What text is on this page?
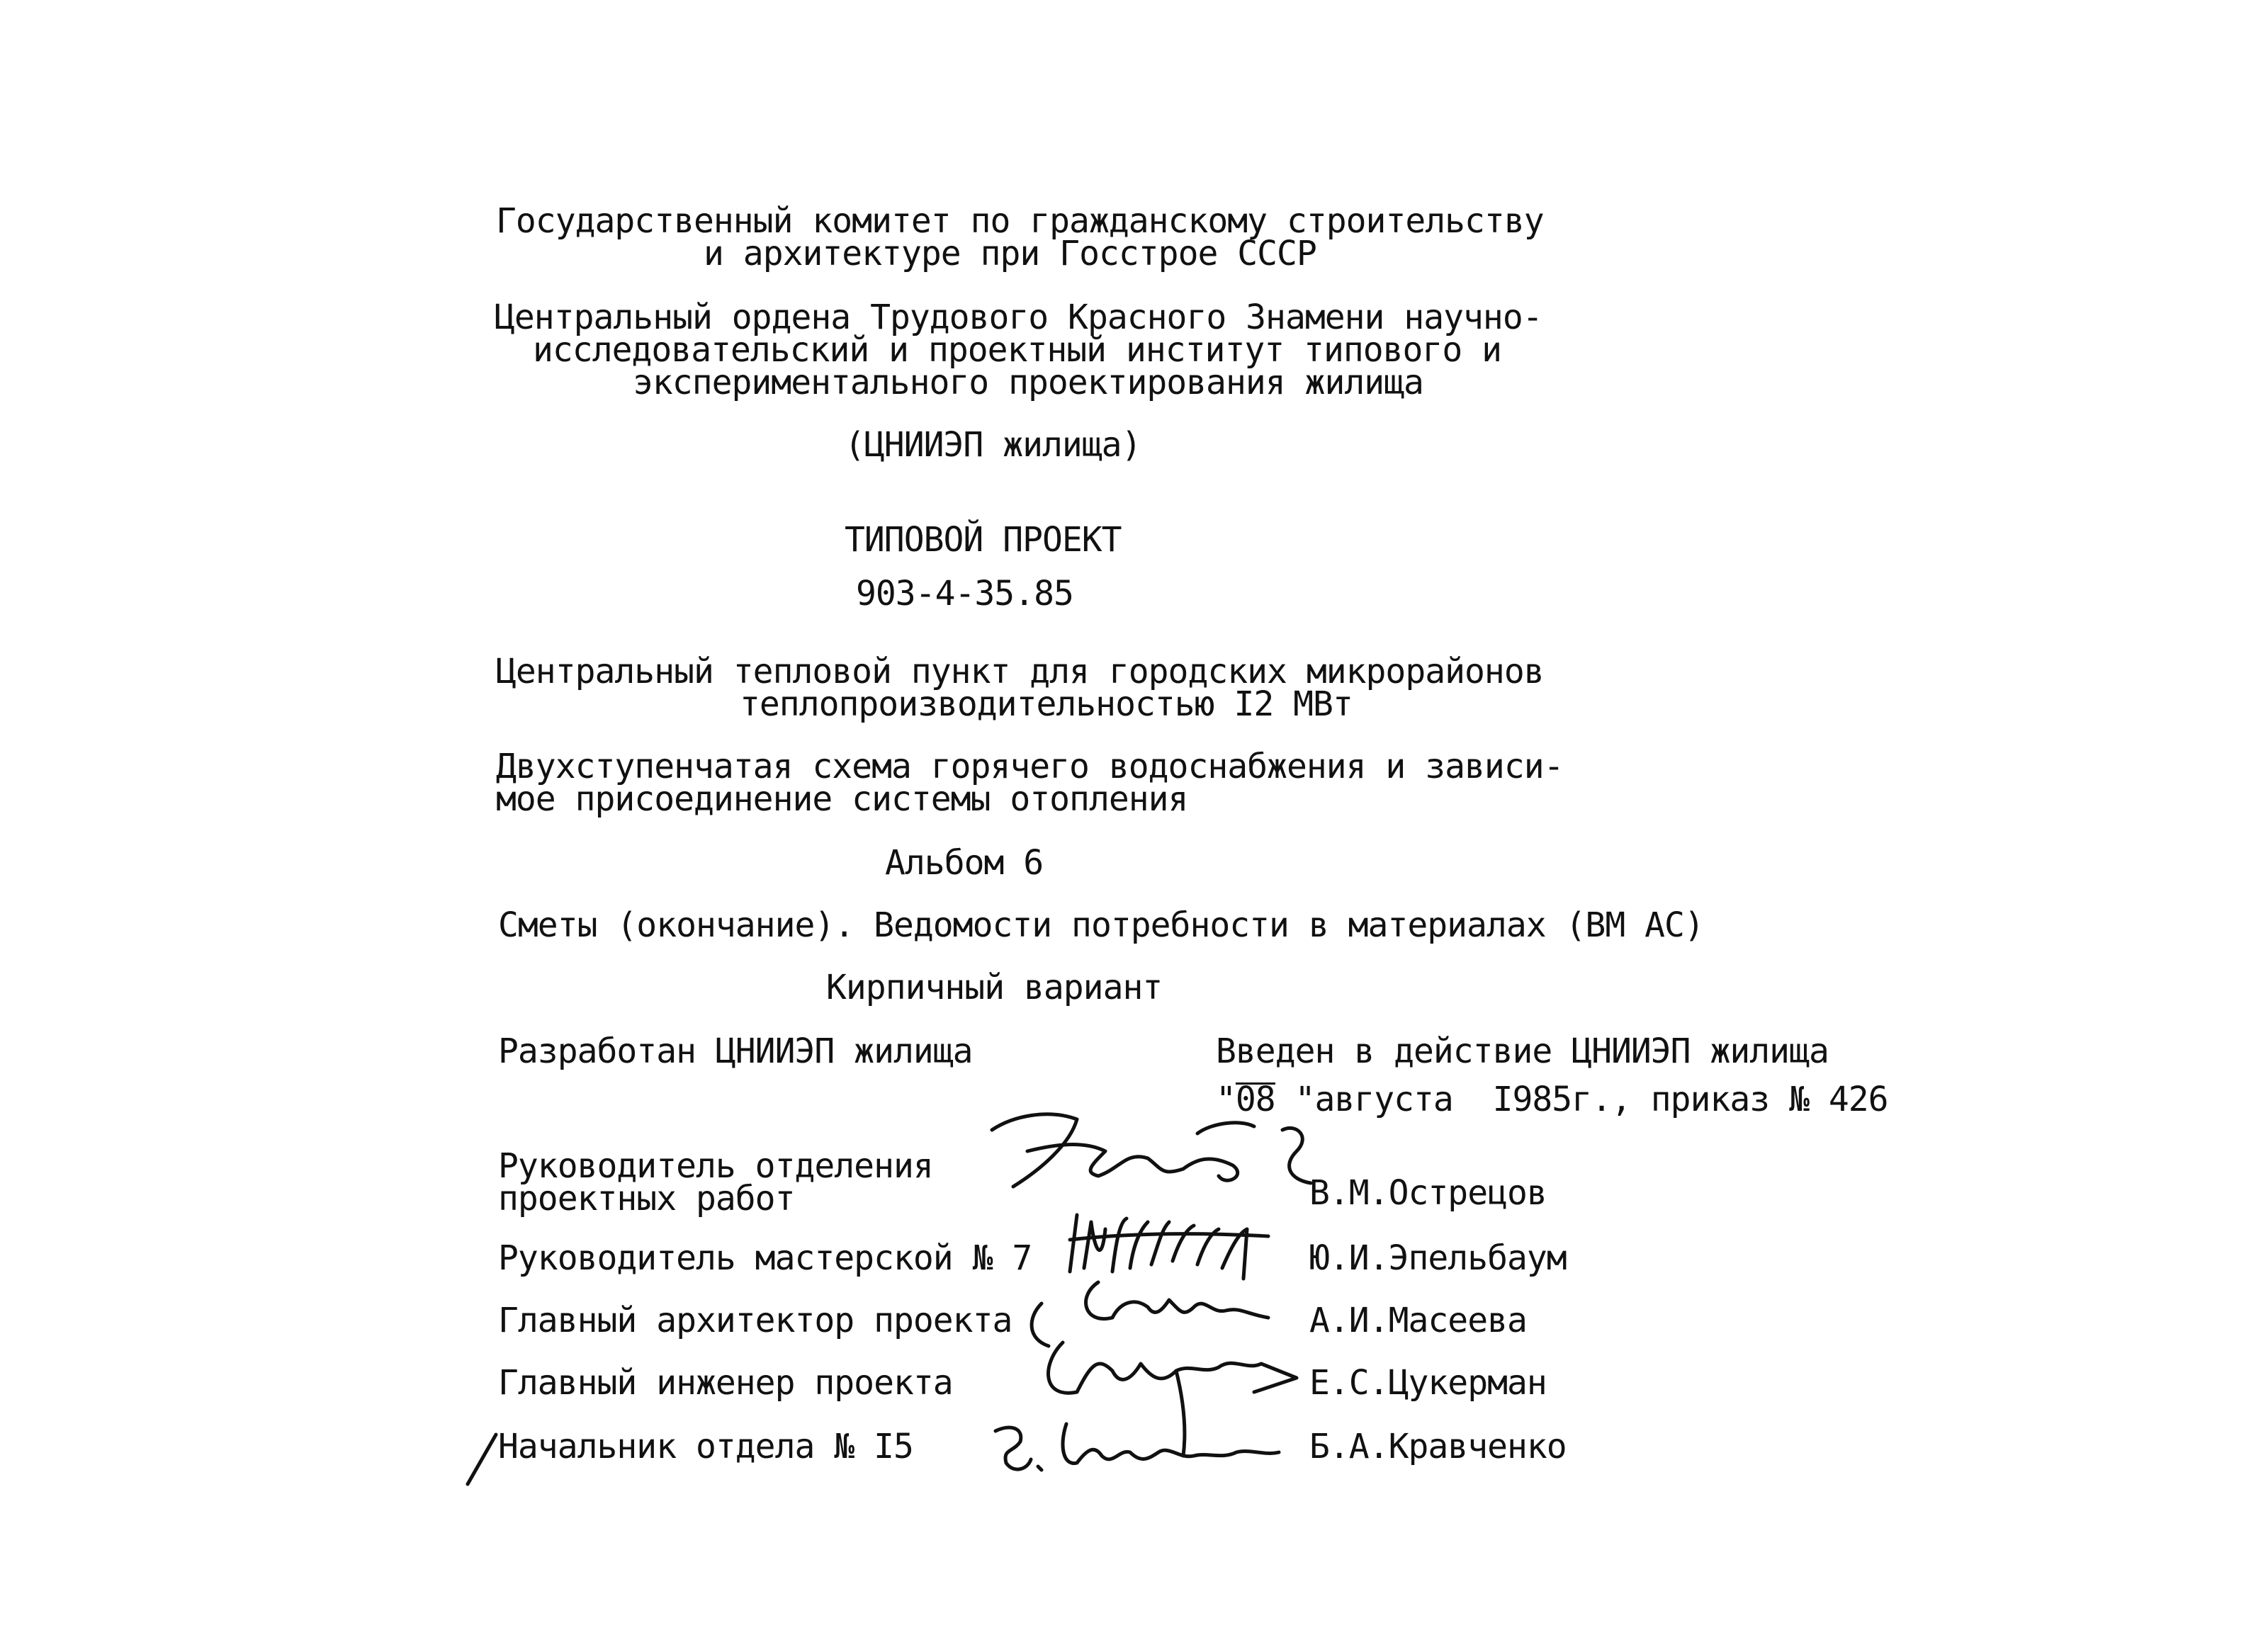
Государственный комитет по гражданскому строительству
и архитектуре при Госстрое СССР
Центральный ордена Трудового Красного Знамени научно-
исследовательский и проектный институт типового и
экспериментального проектирования жилища
(ЦНИИЭП жилища)
ТИПОВОЙ ПРОЕКТ
903-4-35.85
Центральный тепловой пункт для городских микрорайонов
теплопроизводительностью I2 МВт
Двухступенчатая схема горячего водоснабжения и зависи-
мое присоединение системы отопления
Альбом 6
Сметы (окончание). Ведомости потребности в материалах (ВМ АС)
Кирпичный вариант
Разработан ЦНИИЭП жилища	Введен в действие ЦНИИЭП жилища
"08 "августа  I985г., приказ № 426
Руководитель отделения
проектных работ	В.М.Острецов
Руководитель мастерской № 7	Ю.И.Эпельбаум
Главный архитектор проекта	А.И.Масеева
Главный инженер проекта	Е.С.Цукерман
Начальник отдела № I5	Б.А.Кравченко
